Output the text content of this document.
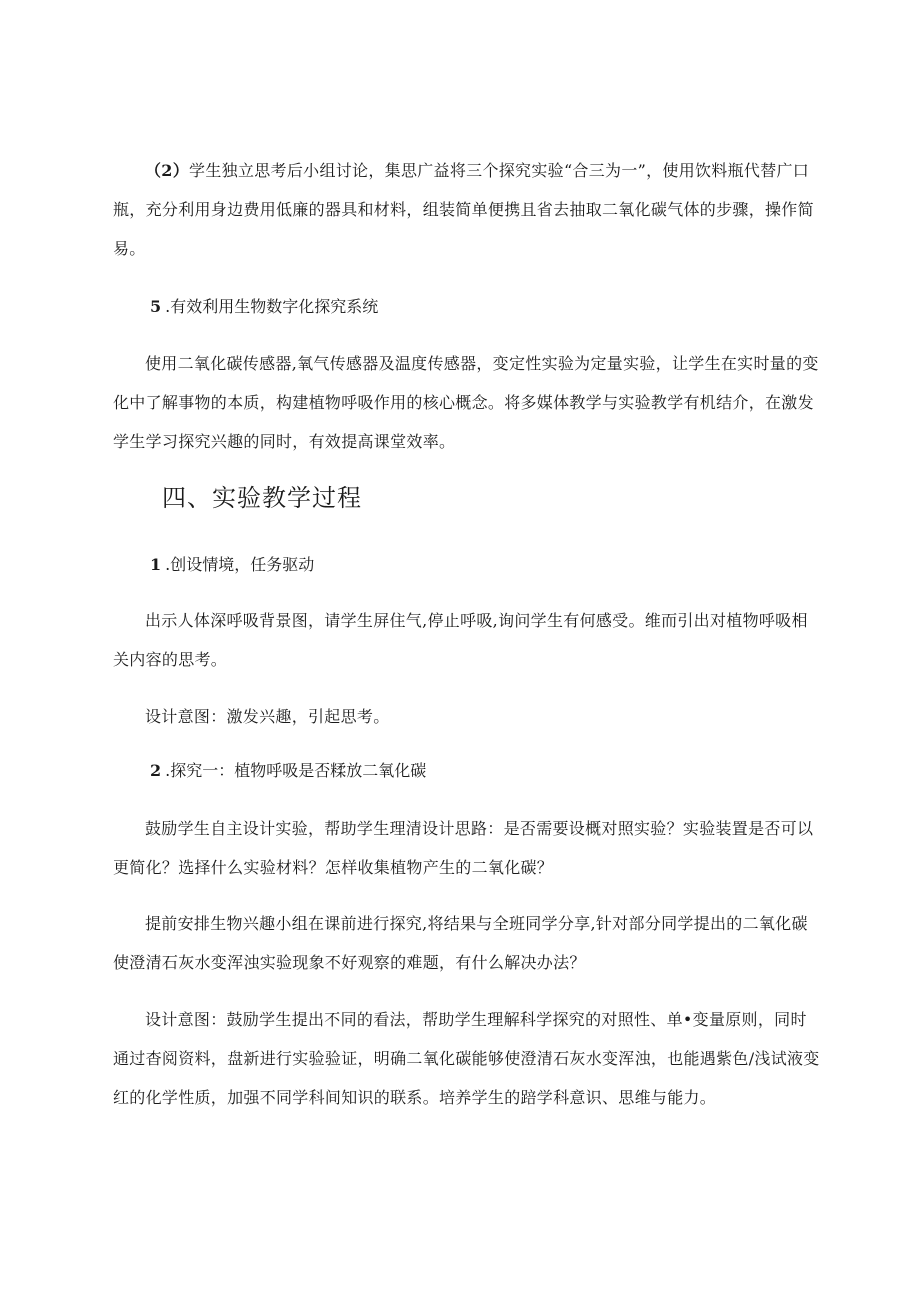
（2）学生独立思考后小组讨论，集思广益将三个探究实验“合三为一”，使用饮料瓶代替广口瓶，充分利用身边费用低廉的器具和材料，组装简单便携且省去抽取二氧化碳气体的步骤，操作简易。

5 .有效利用生物数字化探究系统

使用二氧化碳传感器,氧气传感器及温度传感器，变定性实验为定量实验，让学生在实时量的变化中了解事物的本质，构建植物呼吸作用的核心概念。将多媒体教学与实验教学有机结介，在激发学生学习探究兴趣的同时，有效提高课堂效率。

四、实验教学过程
1 .创设情境，任务驱动

出示人体深呼吸背景图，请学生屏住气,停止呼吸,询问学生有何感受。维而引出对植物呼吸相关内容的思考。

设计意图：激发兴趣，引起思考。

2 .探究一：植物呼吸是否糅放二氧化碳

鼓励学生自主设计实验，帮助学生理清设计思路：是否需要设概对照实验？实验装置是否可以更简化？选择什么实验材料？怎样收集植物产生的二氧化碳？

提前安排生物兴趣小组在课前进行探究,将结果与全班同学分享,针对部分同学提出的二氧化碳使澄清石灰水变浑浊实验现象不好观察的难题，有什么解决办法？

设计意图：鼓励学生提出不同的看法，帮助学生理解科学探究的对照性、单•变量原则，同时通过杳阅资料，盘新进行实验验证，明确二氧化碳能够使澄清石灰水变浑浊，也能遇紫色/浅试液变红的化学性质，加强不同学科间知识的联系。培养学生的踣学科意识、思维与能力。
